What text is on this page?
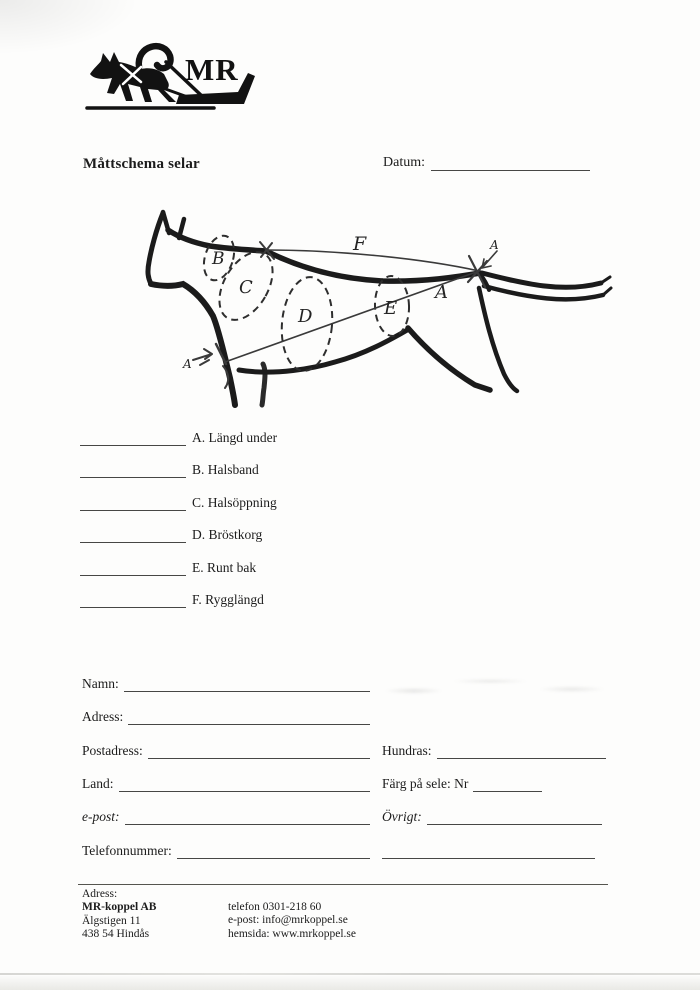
MR
Måttschema selar	Datum:
B
C
D	E
F
A
A
A
A. Längd under
B. Halsband
C. Halsöppning
D. Bröstkorg
E. Runt bak
F. Rygglängd
Namn:
Adress:
Postadress:
Land:
e-post:
Telefonnummer:
Hundras:
Färg på sele: Nr
Övrigt:
Adress:
MR-koppel AB
Älgstigen 11
438 54 Hindås
telefon 0301-218 60
e-post: info@mrkoppel.se
hemsida: www.mrkoppel.se
